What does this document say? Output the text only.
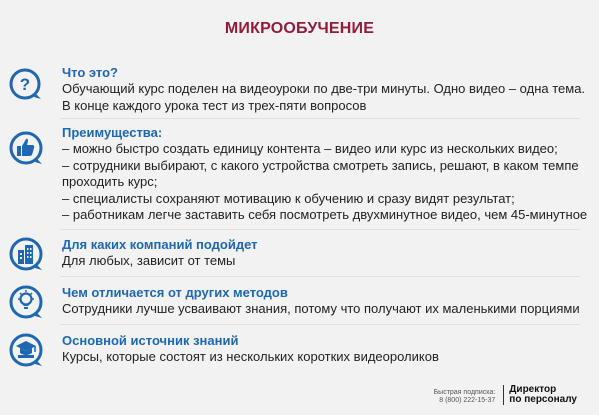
МИКРООБУЧЕНИЕ
?

Что это?

Обучающий курс поделен на видеоуроки по две-три минуты. Одно видео – одна тема.

В конце каждого урока тест из трех-пяти вопросов

Преимущества:

– можно быстро создать единицу контента – видео или курс из нескольких видео;

– сотрудники выбирают, с какого устройства смотреть запись, решают, в каком темпе

проходить курс;

– специалисты сохраняют мотивацию к обучению и сразу видят результат;

– работникам легче заставить себя посмотреть двухминутное видео, чем 45-минутное

Для каких компаний подойдет

Для любых, зависит от темы

Чем отличается от других методов

Сотрудники лучше усваивают знания, потому что получают их маленькими порциями

Основной источник знаний

Курсы, которые состоят из нескольких коротких видеороликов

Быстрая подписка:
8 (800) 222-15-37
Директор
по персоналу
